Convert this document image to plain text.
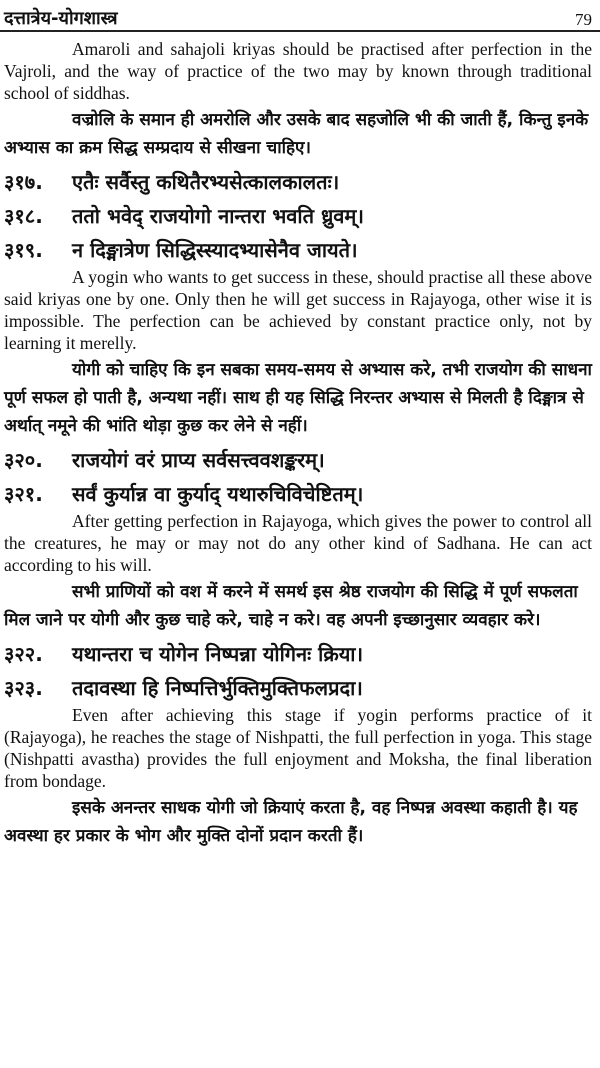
दत्तात्रेय-योगशास्त्र	79

Amaroli and sahajoli kriyas should be practised after perfection in the Vajroli, and the way of practice of the two may by known through traditional school of siddhas.

वज्रोलि के समान ही अमरोलि और उसके बाद सहजोलि भी की जाती हैं, किन्तु इनके अभ्यास का क्रम सिद्ध सम्प्रदाय से सीखना चाहिए।

३१७.	एतैः सर्वैस्तु कथितैरभ्यसेत्कालकालतः।
३१८.	ततो भवेद् राजयोगो नान्तरा भवति ध्रुवम्।
३१९.	न दिङ्मात्रेण सिद्धिस्स्यादभ्यासेनैव जायते।

A yogin who wants to get success in these, should practise all these above said kriyas one by one. Only then he will get success in Rajayoga, other wise it is impossible. The perfection can be achieved by constant practice only, not by learning it merelly.

योगी को चाहिए कि इन सबका समय-समय से अभ्यास करे, तभी राजयोग की साधना पूर्ण सफल हो पाती है, अन्यथा नहीं। साथ ही यह सिद्धि निरन्तर अभ्यास से मिलती है दिङ्मात्र से अर्थात् नमूने की भांति थोड़ा कुछ कर लेने से नहीं।

३२०.	राजयोगं वरं प्राप्य सर्वसत्त्ववशङ्करम्।
३२१.	सर्वं कुर्यान्न वा कुर्याद् यथारुचिविचेष्टितम्।

After getting perfection in Rajayoga, which gives the power to control all the creatures, he may or may not do any other kind of Sadhana. He can act according to his will.

सभी प्राणियों को वश में करने में समर्थ इस श्रेष्ठ राजयोग की सिद्धि में पूर्ण सफलता मिल जाने पर योगी और कुछ चाहे करे, चाहे न करे। वह अपनी इच्छानुसार व्यवहार करे।

३२२.	यथान्तरा च योगेन निष्पन्ना योगिनः क्रिया।
३२३.	तदावस्था हि निष्पत्तिर्भुक्तिमुक्तिफलप्रदा।

Even after achieving this stage if yogin performs practice of it (Rajayoga), he reaches the stage of Nishpatti, the full perfection in yoga. This stage (Nishpatti avastha) provides the full enjoyment and Moksha, the final liberation from bondage.

इसके अनन्तर साधक योगी जो क्रियाएं करता है, वह निष्पन्न अवस्था कहाती है। यह अवस्था हर प्रकार के भोग और मुक्ति दोनों प्रदान करती हैं।
